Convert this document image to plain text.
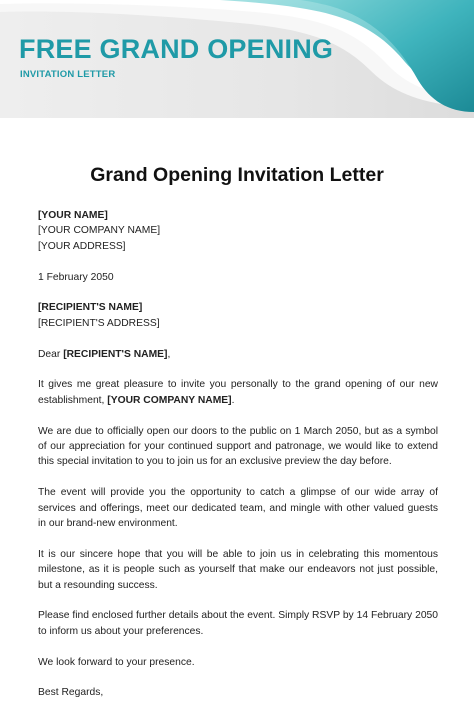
FREE GRAND OPENING

INVITATION LETTER

Grand Opening Invitation Letter

[YOUR NAME]
[YOUR COMPANY NAME]
[YOUR ADDRESS]

1 February 2050

[RECIPIENT'S NAME]
[RECIPIENT'S ADDRESS]

Dear [RECIPIENT'S NAME],

It gives me great pleasure to invite you personally to the grand opening of our new establishment, [YOUR COMPANY NAME].

We are due to officially open our doors to the public on 1 March 2050, but as a symbol of our appreciation for your continued support and patronage, we would like to extend this special invitation to you to join us for an exclusive preview the day before.

The event will provide you the opportunity to catch a glimpse of our wide array of services and offerings, meet our dedicated team, and mingle with other valued guests in our brand-new environment.

It is our sincere hope that you will be able to join us in celebrating this momentous milestone, as it is people such as yourself that make our endeavors not just possible, but a resounding success.

Please find enclosed further details about the event. Simply RSVP by 14 February 2050 to inform us about your preferences.

We look forward to your presence.

Best Regards,
